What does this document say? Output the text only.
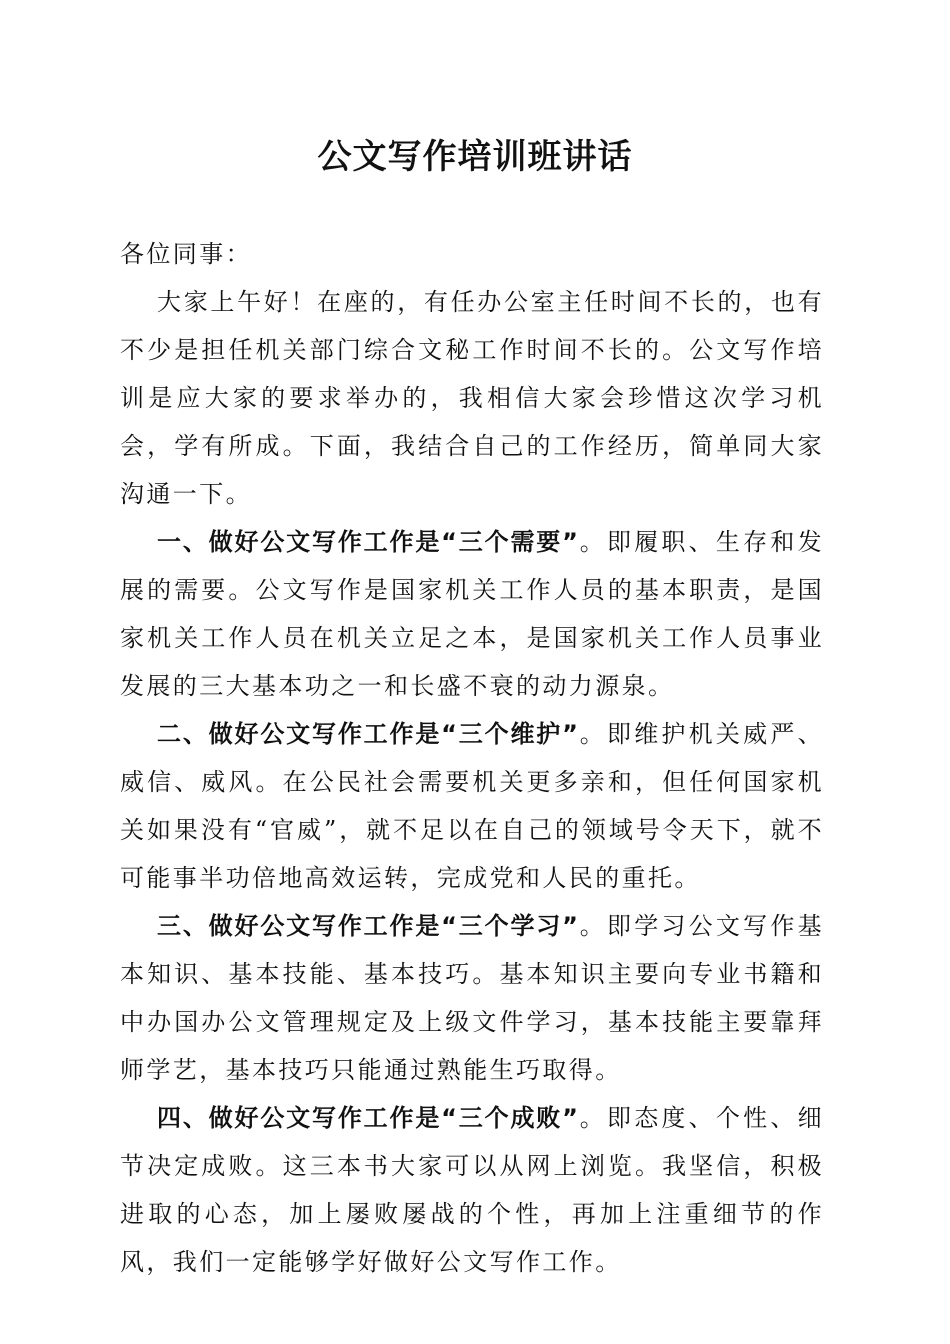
公文写作培训班讲话

各位同事：

大家上午好！在座的，有任办公室主任时间不长的，也有不少是担任机关部门综合文秘工作时间不长的。公文写作培训是应大家的要求举办的，我相信大家会珍惜这次学习机会，学有所成。下面，我结合自己的工作经历，简单同大家沟通一下。

一、做好公文写作工作是“三个需要”。即履职、生存和发展的需要。公文写作是国家机关工作人员的基本职责，是国家机关工作人员在机关立足之本，是国家机关工作人员事业发展的三大基本功之一和长盛不衰的动力源泉。

二、做好公文写作工作是“三个维护”。即维护机关威严、威信、威风。在公民社会需要机关更多亲和，但任何国家机关如果没有“官威”，就不足以在自己的领域号令天下，就不可能事半功倍地高效运转，完成党和人民的重托。

三、做好公文写作工作是“三个学习”。即学习公文写作基本知识、基本技能、基本技巧。基本知识主要向专业书籍和中办国办公文管理规定及上级文件学习，基本技能主要靠拜师学艺，基本技巧只能通过熟能生巧取得。

四、做好公文写作工作是“三个成败”。即态度、个性、细节决定成败。这三本书大家可以从网上浏览。我坚信，积极进取的心态，加上屡败屡战的个性，再加上注重细节的作风，我们一定能够学好做好公文写作工作。
